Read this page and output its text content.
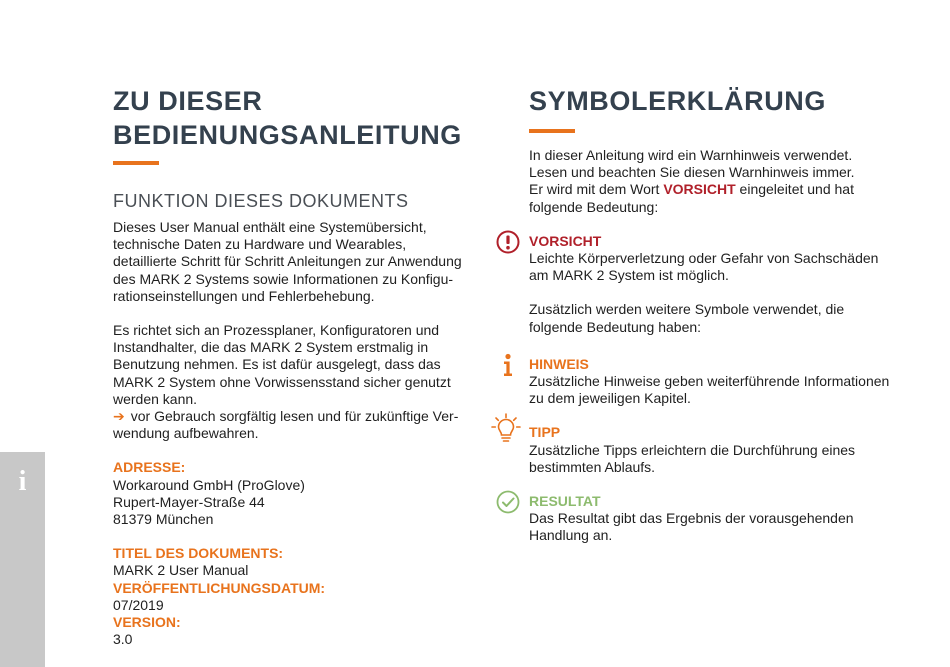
i
ZU DIESER
BEDIENUNGSANLEITUNG
FUNKTION DIESES DOKUMENTS

Dieses User Manual enthält eine Systemübersicht,
technische Daten zu Hardware und Wearables,
detaillierte Schritt für Schritt Anleitungen zur Anwendung
des MARK 2 Systems sowie Informationen zu Konfigu-
rationseinstellungen und Fehlerbehebung.

Es richtet sich an Prozessplaner, Konfiguratoren und
Instandhalter, die das MARK 2 System erstmalig in
Benutzung nehmen. Es ist dafür ausgelegt, dass das
MARK 2 System ohne Vorwissensstand sicher genutzt
werden kann.
➔ vor Gebrauch sorgfältig lesen und für zukünftige Ver-
wendung aufbewahren.

ADRESSE:

Workaround GmbH (ProGlove)
Rupert-Mayer-Straße 44
81379 München

TITEL DES DOKUMENTS:

MARK 2 User Manual

VERÖFFENTLICHUNGSDATUM:

07/2019

VERSION:

3.0

SYMBOLERKLÄRUNG

In dieser Anleitung wird ein Warnhinweis verwendet.
Lesen und beachten Sie diesen Warnhinweis immer.
Er wird mit dem Wort VORSICHT eingeleitet und hat
folgende Bedeutung:

VORSICHT

Leichte Körperverletzung oder Gefahr von Sachschäden
am MARK 2 System ist möglich.

Zusätzlich werden weitere Symbole verwendet, die
folgende Bedeutung haben:

HINWEIS

Zusätzliche Hinweise geben weiterführende Informationen
zu dem jeweiligen Kapitel.

TIPP

Zusätzliche Tipps erleichtern die Durchführung eines
bestimmten Ablaufs.

RESULTAT

Das Resultat gibt das Ergebnis der vorausgehenden
Handlung an.
